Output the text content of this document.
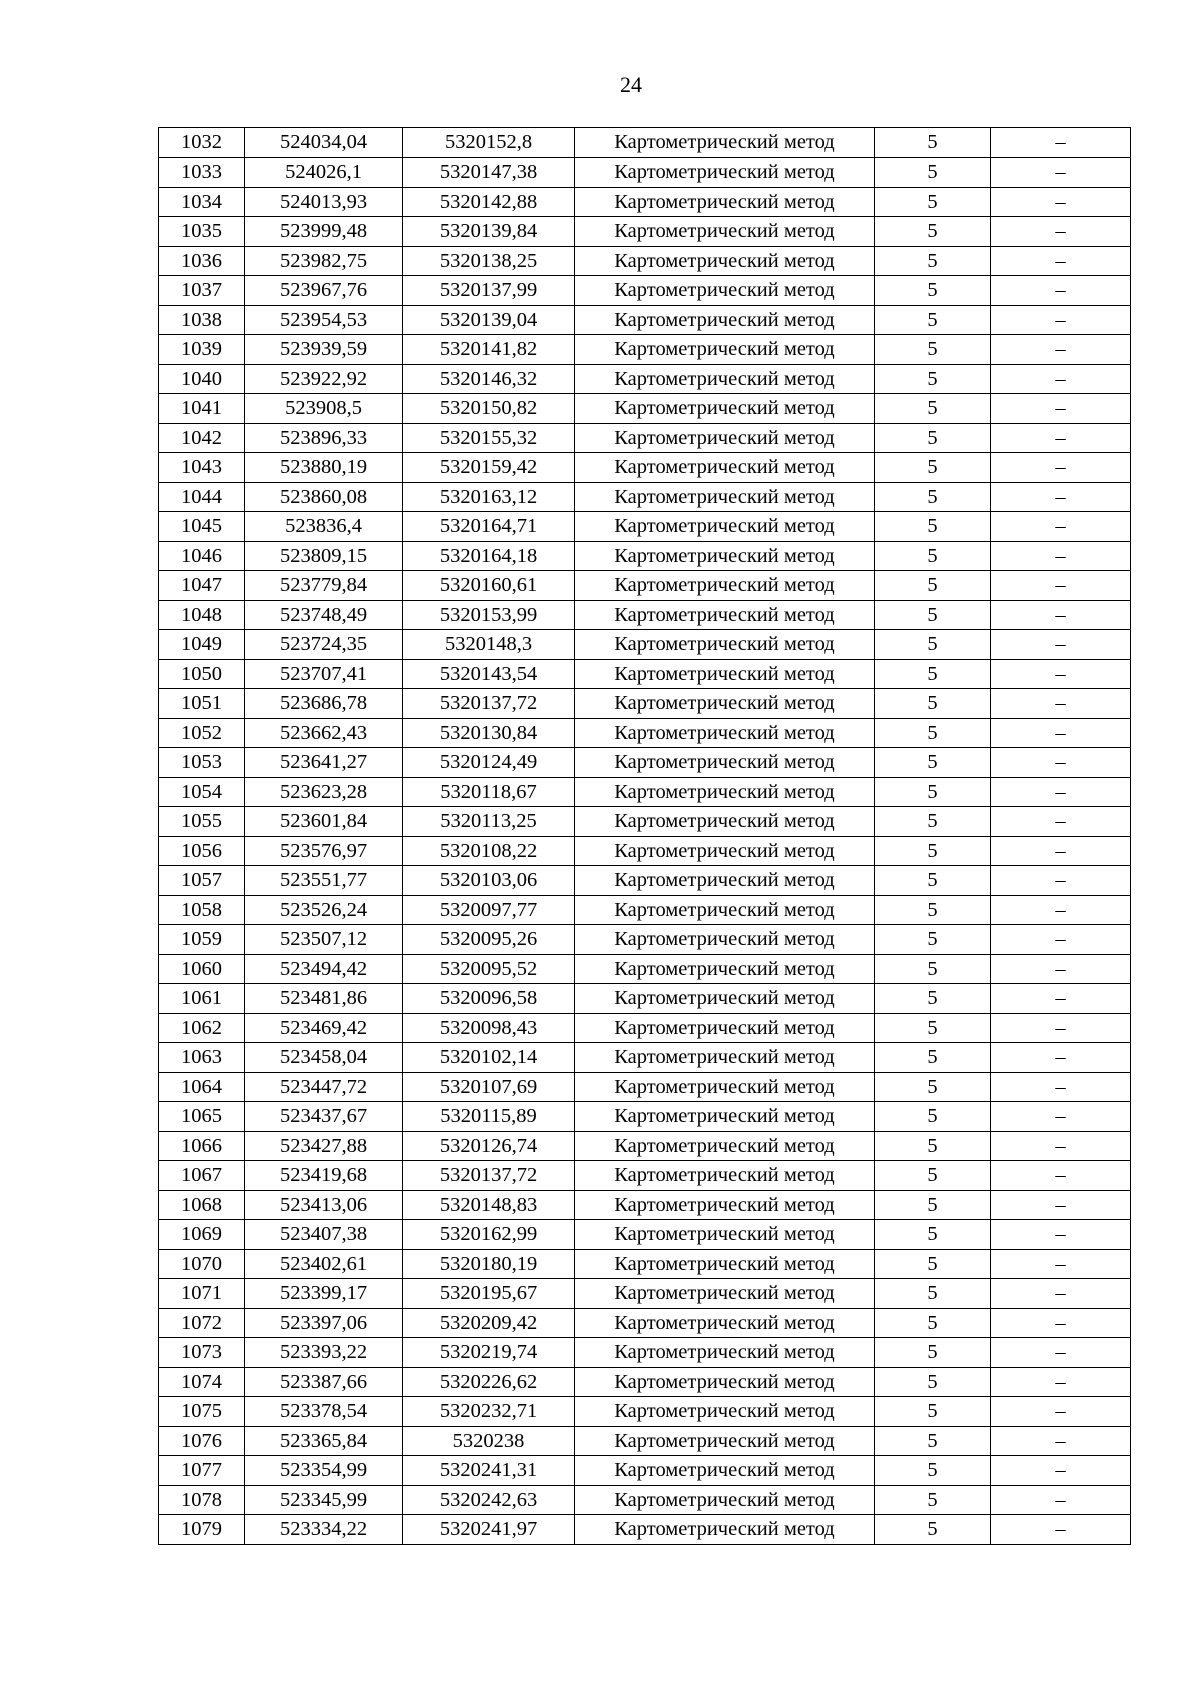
24
1032	524034,04	5320152,8	Картометрический метод	5	–
1033	524026,1	5320147,38	Картометрический метод	5	–
1034	524013,93	5320142,88	Картометрический метод	5	–
1035	523999,48	5320139,84	Картометрический метод	5	–
1036	523982,75	5320138,25	Картометрический метод	5	–
1037	523967,76	5320137,99	Картометрический метод	5	–
1038	523954,53	5320139,04	Картометрический метод	5	–
1039	523939,59	5320141,82	Картометрический метод	5	–
1040	523922,92	5320146,32	Картометрический метод	5	–
1041	523908,5	5320150,82	Картометрический метод	5	–
1042	523896,33	5320155,32	Картометрический метод	5	–
1043	523880,19	5320159,42	Картометрический метод	5	–
1044	523860,08	5320163,12	Картометрический метод	5	–
1045	523836,4	5320164,71	Картометрический метод	5	–
1046	523809,15	5320164,18	Картометрический метод	5	–
1047	523779,84	5320160,61	Картометрический метод	5	–
1048	523748,49	5320153,99	Картометрический метод	5	–
1049	523724,35	5320148,3	Картометрический метод	5	–
1050	523707,41	5320143,54	Картометрический метод	5	–
1051	523686,78	5320137,72	Картометрический метод	5	–
1052	523662,43	5320130,84	Картометрический метод	5	–
1053	523641,27	5320124,49	Картометрический метод	5	–
1054	523623,28	5320118,67	Картометрический метод	5	–
1055	523601,84	5320113,25	Картометрический метод	5	–
1056	523576,97	5320108,22	Картометрический метод	5	–
1057	523551,77	5320103,06	Картометрический метод	5	–
1058	523526,24	5320097,77	Картометрический метод	5	–
1059	523507,12	5320095,26	Картометрический метод	5	–
1060	523494,42	5320095,52	Картометрический метод	5	–
1061	523481,86	5320096,58	Картометрический метод	5	–
1062	523469,42	5320098,43	Картометрический метод	5	–
1063	523458,04	5320102,14	Картометрический метод	5	–
1064	523447,72	5320107,69	Картометрический метод	5	–
1065	523437,67	5320115,89	Картометрический метод	5	–
1066	523427,88	5320126,74	Картометрический метод	5	–
1067	523419,68	5320137,72	Картометрический метод	5	–
1068	523413,06	5320148,83	Картометрический метод	5	–
1069	523407,38	5320162,99	Картометрический метод	5	–
1070	523402,61	5320180,19	Картометрический метод	5	–
1071	523399,17	5320195,67	Картометрический метод	5	–
1072	523397,06	5320209,42	Картометрический метод	5	–
1073	523393,22	5320219,74	Картометрический метод	5	–
1074	523387,66	5320226,62	Картометрический метод	5	–
1075	523378,54	5320232,71	Картометрический метод	5	–
1076	523365,84	5320238	Картометрический метод	5	–
1077	523354,99	5320241,31	Картометрический метод	5	–
1078	523345,99	5320242,63	Картометрический метод	5	–
1079	523334,22	5320241,97	Картометрический метод	5	–
